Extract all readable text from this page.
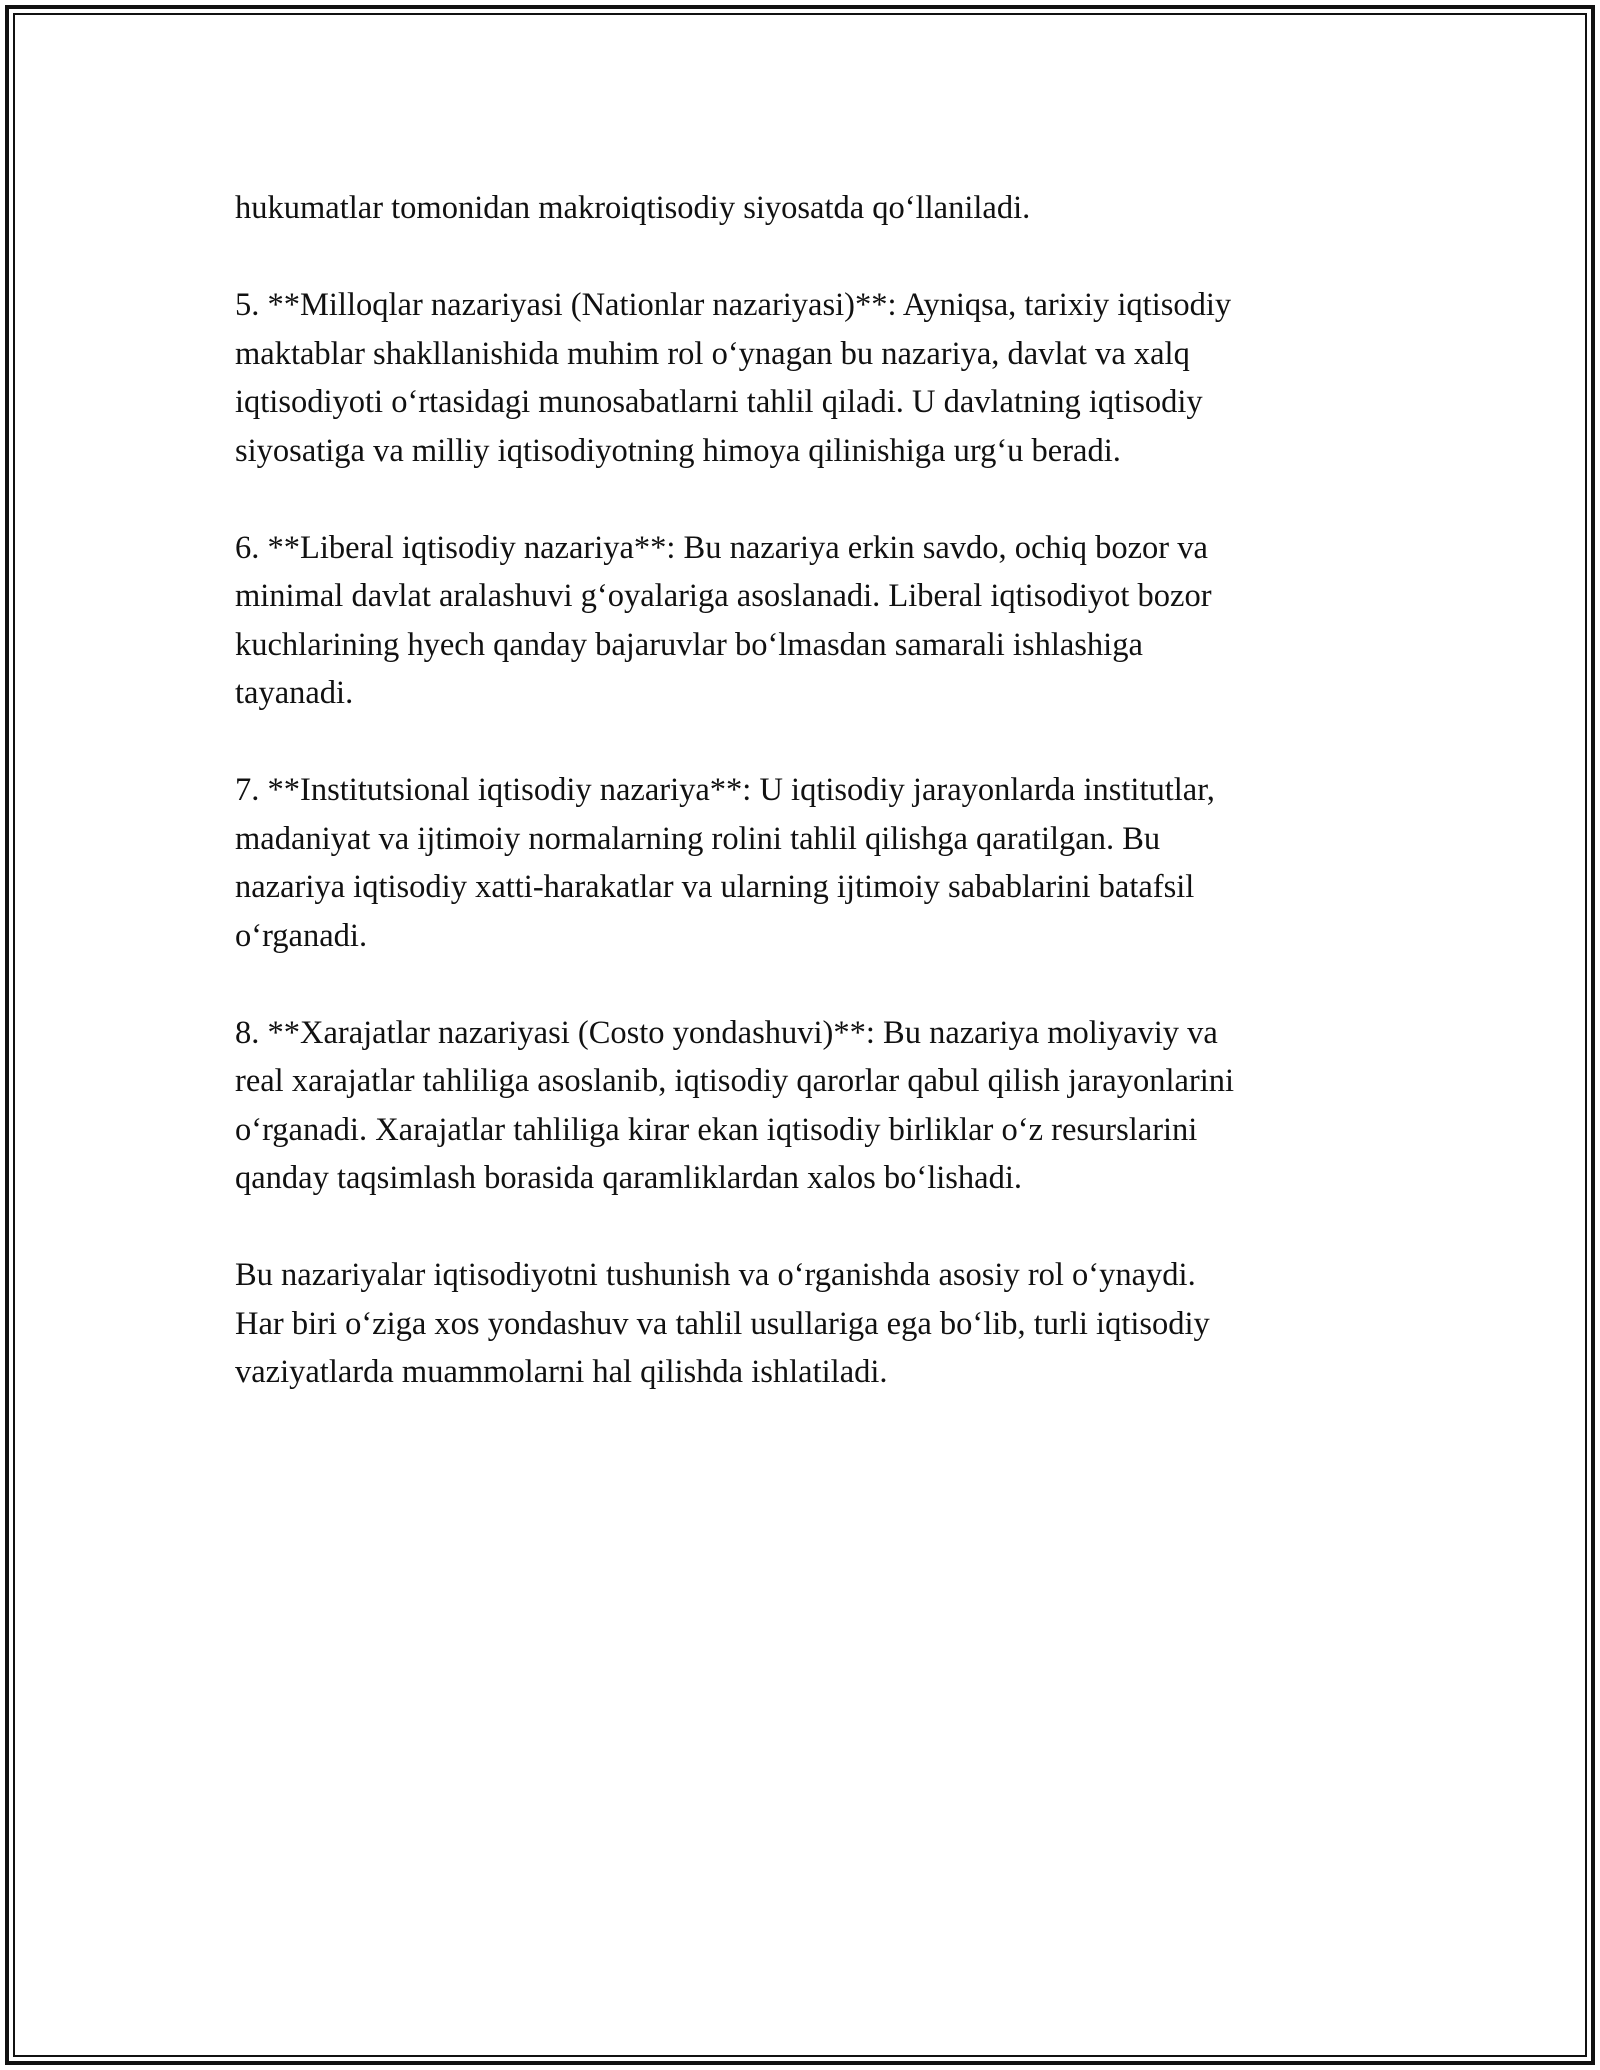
hukumatlar tomonidan makroiqtisodiy siyosatda qo‘llaniladi.

5. **Milloqlar nazariyasi (Nationlar nazariyasi)**: Ayniqsa, tarixiy iqtisodiy
maktablar shakllanishida muhim rol o‘ynagan bu nazariya, davlat va xalq
iqtisodiyoti o‘rtasidagi munosabatlarni tahlil qiladi. U davlatning iqtisodiy
siyosatiga va milliy iqtisodiyotning himoya qilinishiga urg‘u beradi.

6. **Liberal iqtisodiy nazariya**: Bu nazariya erkin savdo, ochiq bozor va
minimal davlat aralashuvi g‘oyalariga asoslanadi. Liberal iqtisodiyot bozor
kuchlarining hyech qanday bajaruvlar bo‘lmasdan samarali ishlashiga
tayanadi.

7. **Institutsional iqtisodiy nazariya**: U iqtisodiy jarayonlarda institutlar,
madaniyat va ijtimoiy normalarning rolini tahlil qilishga qaratilgan. Bu
nazariya iqtisodiy xatti-harakatlar va ularning ijtimoiy sabablarini batafsil
o‘rganadi.

8. **Xarajatlar nazariyasi (Costo yondashuvi)**: Bu nazariya moliyaviy va
real xarajatlar tahliliga asoslanib, iqtisodiy qarorlar qabul qilish jarayonlarini
o‘rganadi. Xarajatlar tahliliga kirar ekan iqtisodiy birliklar o‘z resurslarini
qanday taqsimlash borasida qaramliklardan xalos bo‘lishadi.

Bu nazariyalar iqtisodiyotni tushunish va o‘rganishda asosiy rol o‘ynaydi.
Har biri o‘ziga xos yondashuv va tahlil usullariga ega bo‘lib, turli iqtisodiy
vaziyatlarda muammolarni hal qilishda ishlatiladi.
